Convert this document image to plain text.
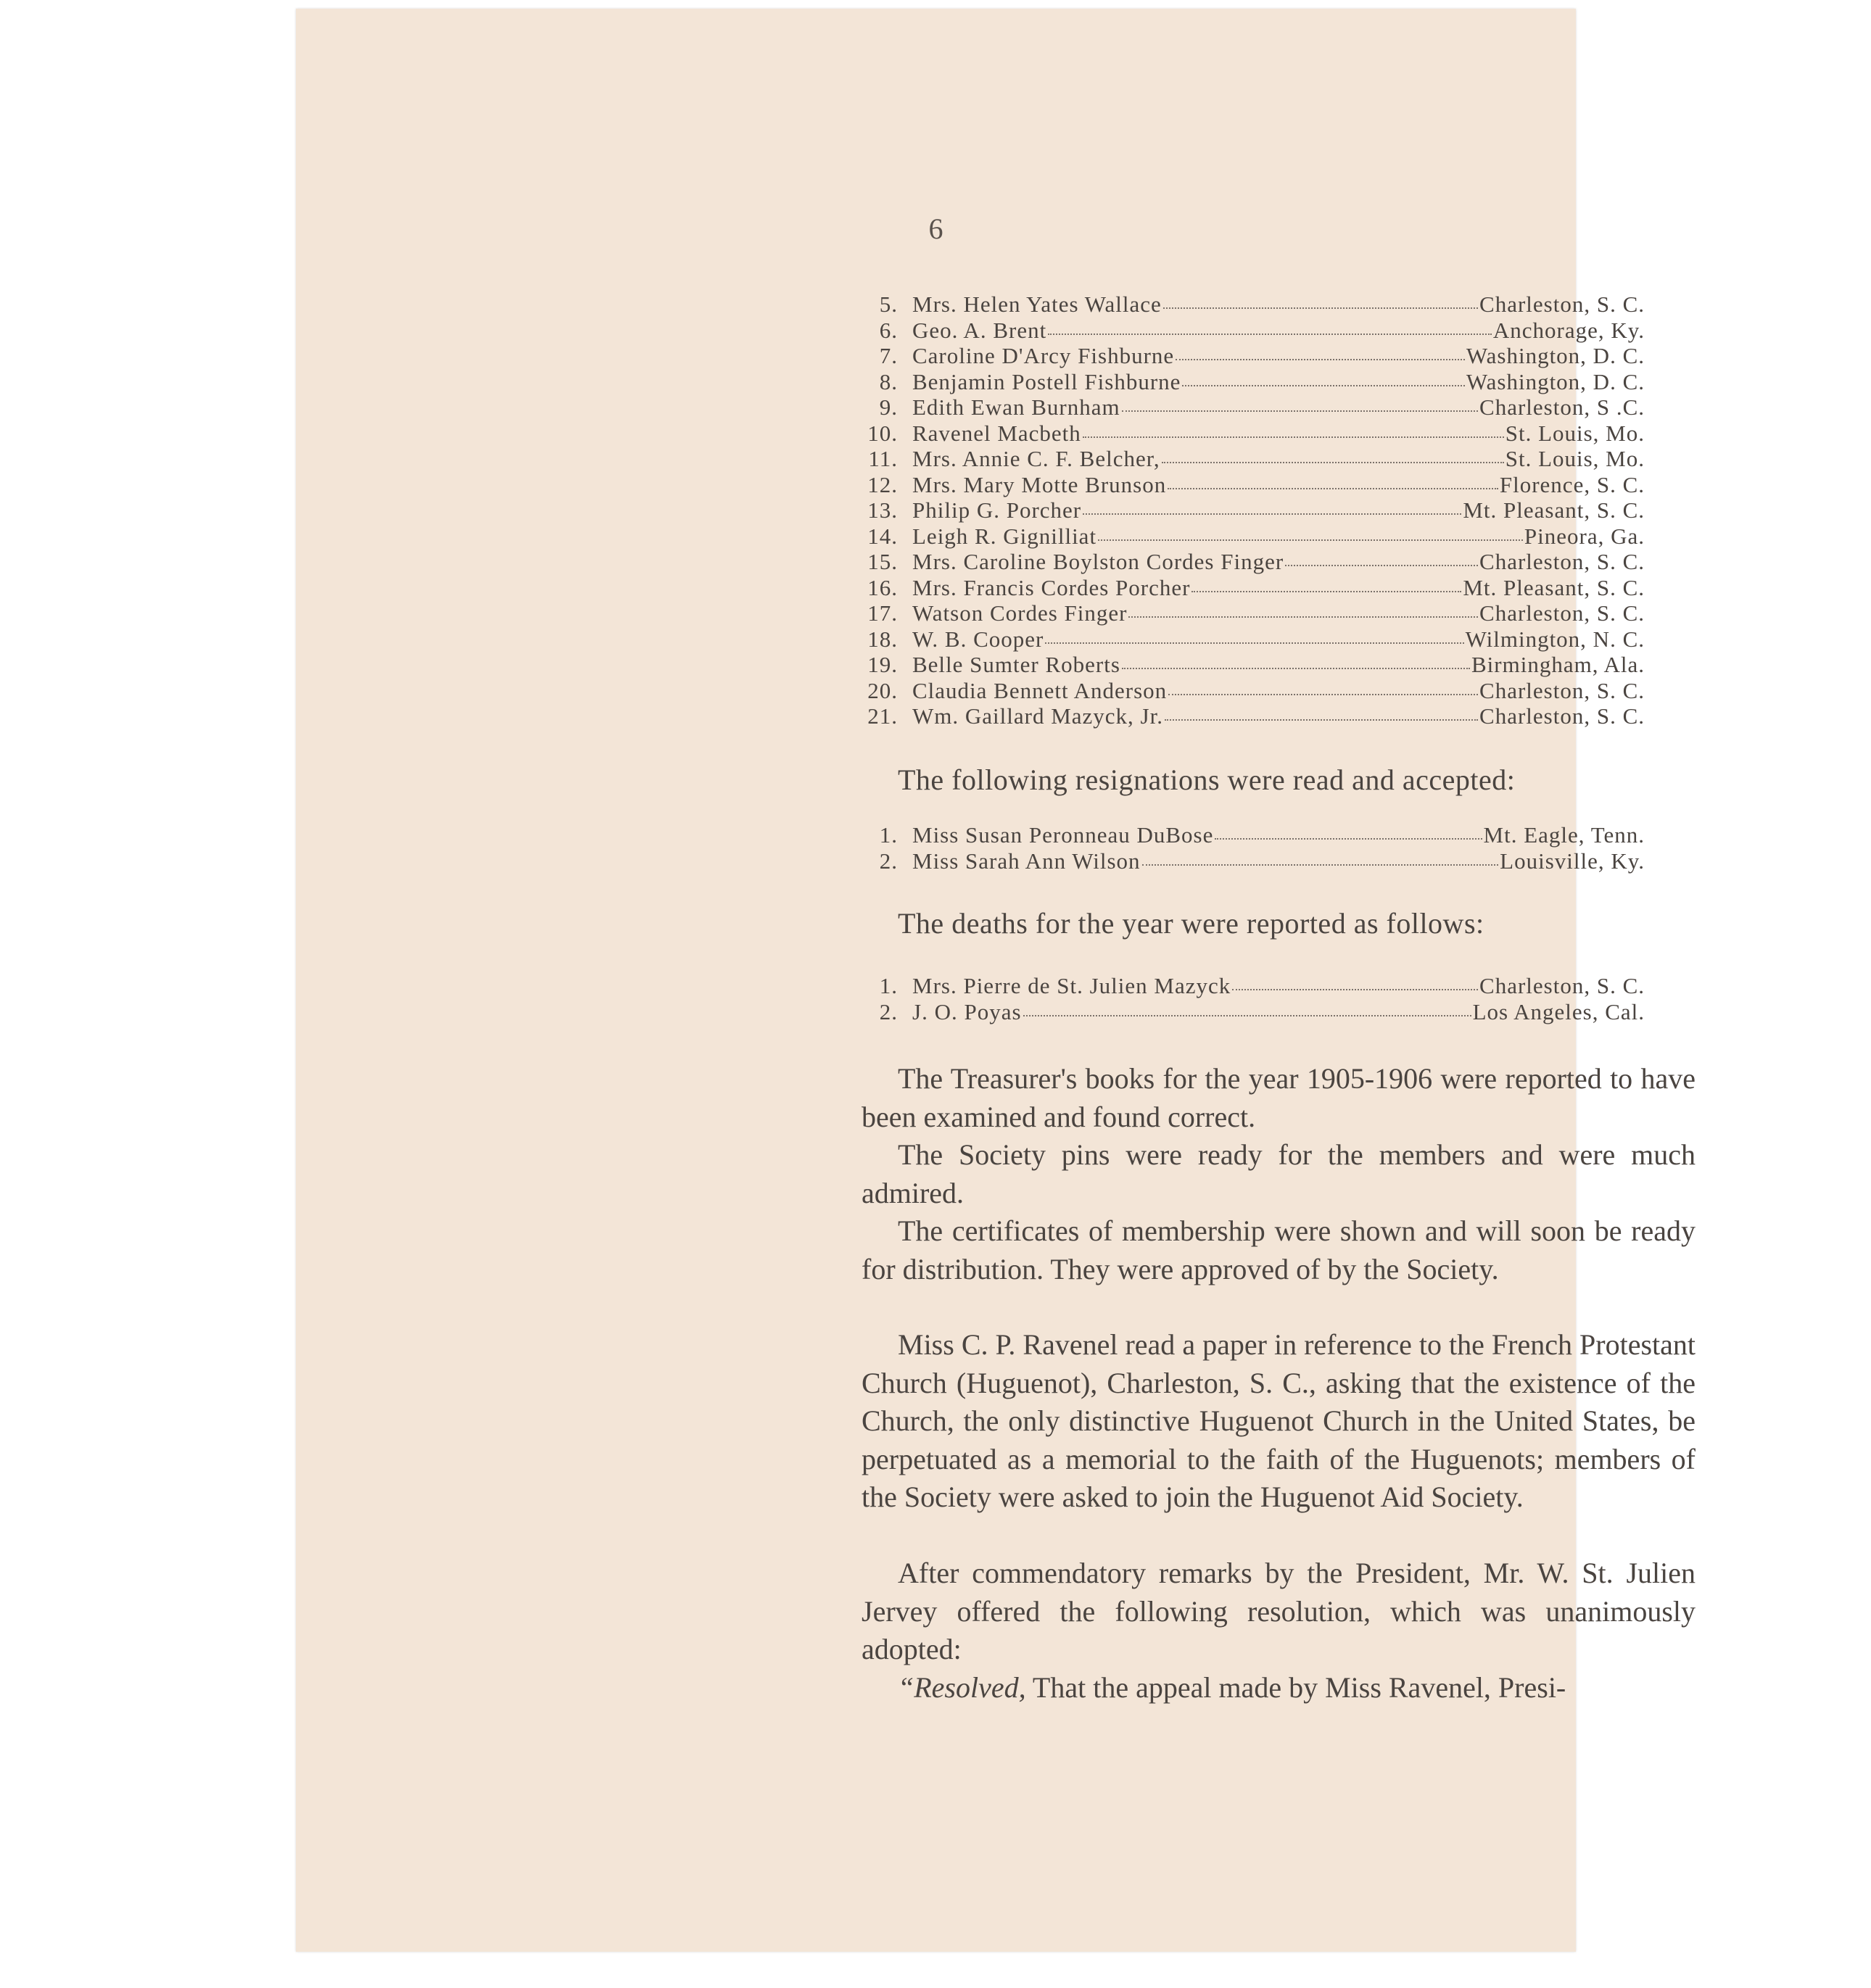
6
5. Mrs. Helen Yates Wallace	Charleston, S. C.
6. Geo. A. Brent	Anchorage, Ky.
7. Caroline D'Arcy Fishburne	Washington, D. C.
8. Benjamin Postell Fishburne	Washington, D. C.
9. Edith Ewan Burnham	Charleston, S .C.
10. Ravenel Macbeth	St. Louis, Mo.
11. Mrs. Annie C. F. Belcher,	St. Louis, Mo.
12. Mrs. Mary Motte Brunson	Florence, S. C.
13. Philip G. Porcher	Mt. Pleasant, S. C.
14. Leigh R. Gignilliat	Pineora, Ga.
15. Mrs. Caroline Boylston Cordes Finger	Charleston, S. C.
16. Mrs. Francis Cordes Porcher	Mt. Pleasant, S. C.
17. Watson Cordes Finger	Charleston, S. C.
18. W. B. Cooper	Wilmington, N. C.
19. Belle Sumter Roberts	Birmingham, Ala.
20. Claudia Bennett Anderson	Charleston, S. C.
21. Wm. Gaillard Mazyck, Jr.	Charleston, S. C.
The following resignations were read and accepted:
1. Miss Susan Peronneau DuBose	Mt. Eagle, Tenn.
2. Miss Sarah Ann Wilson	Louisville, Ky.
The deaths for the year were reported as follows:
1. Mrs. Pierre de St. Julien Mazyck	Charleston, S. C.
2. J. O. Poyas	Los Angeles, Cal.

The Treasurer's books for the year 1905-1906 were reported to have been examined and found correct.

The Society pins were ready for the members and were much admired.

The certificates of membership were shown and will soon be ready for distribution. They were approved of by the Society.

Miss C. P. Ravenel read a paper in reference to the French Protestant Church (Huguenot), Charleston, S. C., asking that the existence of the Church, the only distinctive Huguenot Church in the United States, be perpetuated as a memorial to the faith of the Huguenots; members of the Society were asked to join the Huguenot Aid Society.

After commendatory remarks by the President, Mr. W. St. Julien Jervey offered the following resolution, which was unanimously adopted:

“Resolved, That the appeal made by Miss Ravenel, Presi-
